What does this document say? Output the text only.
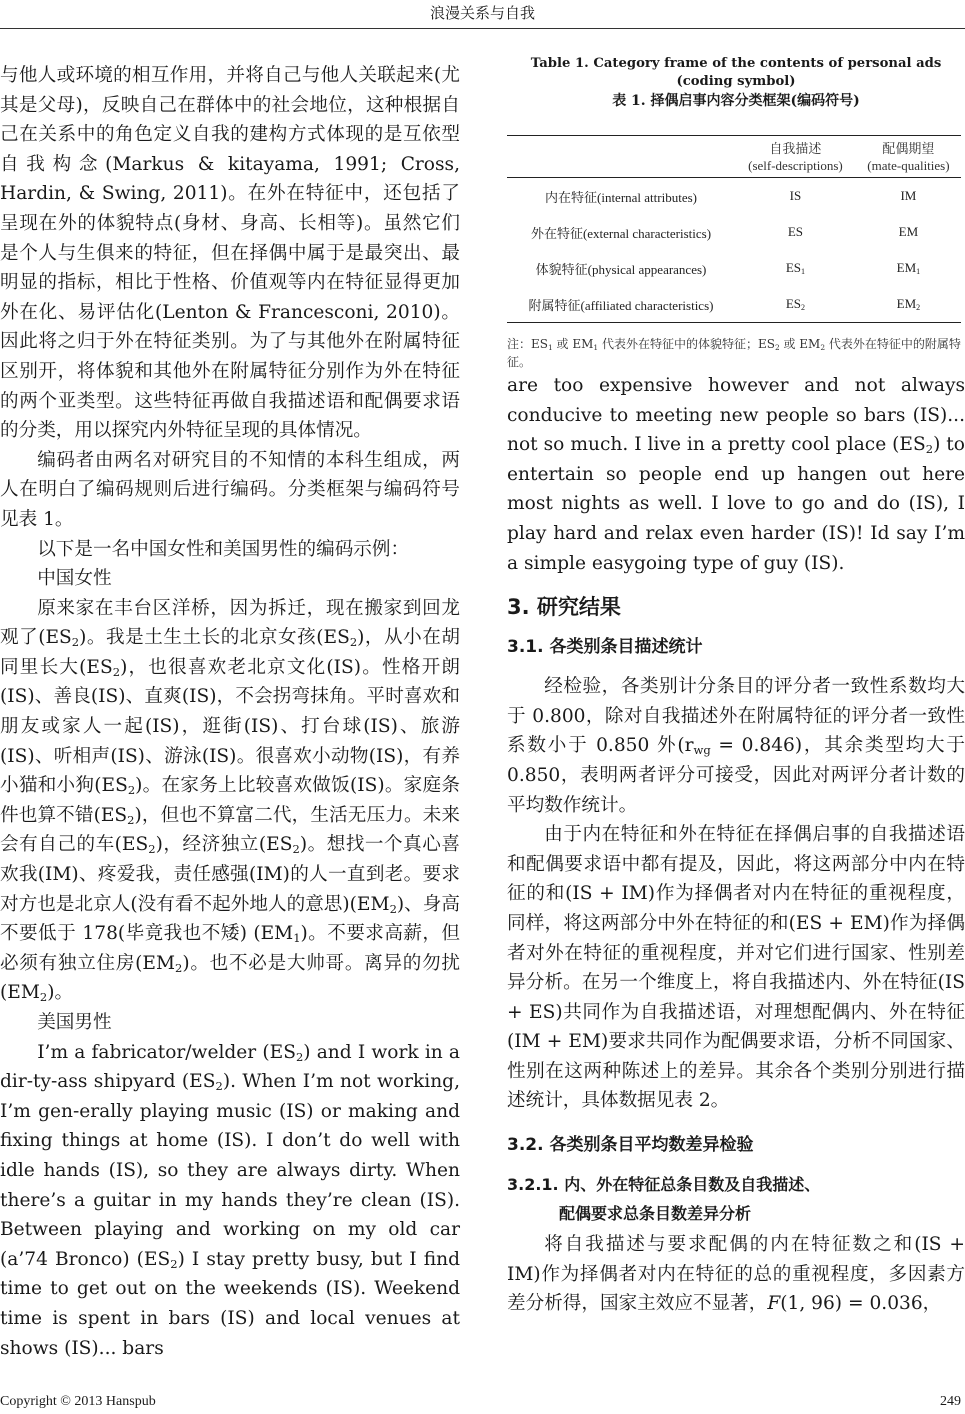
浪漫关系与自我

与他人或环境的相互作用，并将自己与他人关联起来(尤其是父母)，反映自己在群体中的社会地位，这种根据自己在关系中的角色定义自我的建构方式体现的是互依型自我构念(Markus & kitayama, 1991; Cross, Hardin, & Swing, 2011)。在外在特征中，还包括了呈现在外的体貌特点(身材、身高、长相等)。虽然它们是个人与生俱来的特征，但在择偶中属于是最突出、最明显的指标，相比于性格、价值观等内在特征显得更加外在化、易评估化(Lenton & Francesconi, 2010)。因此将之归于外在特征类别。为了与其他外在附属特征区别开，将体貌和其他外在附属特征分别作为外在特征的两个亚类型。这些特征再做自我描述语和配偶要求语的分类，用以探究内外特征呈现的具体情况。

编码者由两名对研究目的不知情的本科生组成，两人在明白了编码规则后进行编码。分类框架与编码符号见表 1。

以下是一名中国女性和美国男性的编码示例：

中国女性

原来家在丰台区洋桥，因为拆迁，现在搬家到回龙观了$(ES_2)$。我是土生土长的北京女孩$(ES_2)$，从小在胡同里长大$(ES_2)$，也很喜欢老北京文化(IS)。性格开朗(IS)、善良(IS)、直爽(IS)，不会拐弯抹角。平时喜欢和朋友或家人一起(IS)，逛街(IS)、打台球(IS)、旅游(IS)、听相声(IS)、游泳(IS)。很喜欢小动物(IS)，有养小猫和小狗$(ES_2)$。在家务上比较喜欢做饭(IS)。家庭条件也算不错$(ES_2)$，但也不算富二代，生活无压力。未来会有自己的车$(ES_2)$，经济独立$(ES_2)$。想找一个真心喜欢我(IM)、疼爱我，责任感强(IM)的人一直到老。要求对方也是北京人(没有看不起外地人的意思)$(EM_2)$、身高不要低于 178(毕竟我也不矮) $(EM_1)$。不要求高薪，但必须有独立住房$(EM_2)$。也不必是大帅哥。离异的勿扰$(EM_2)$。

美国男性

I’m a fabricator/welder $(ES_2)$ and I work in a dir-ty-ass shipyard $(ES_2)$. When I’m not working, I’m gen-erally playing music (IS) or making and fixing things at home (IS). I don’t do well with idle hands (IS), so they are always dirty. When there’s a guitar in my hands they’re clean (IS). Between playing and working on my old car (a’74 Bronco) $(ES_2)$ I stay pretty busy, but I find time to get out on the weekends (IS). Weekend time is spent in bars (IS) and local venues at shows (IS)... bars

Table 1. Category frame of the contents of personal ads (coding symbol)
表 1. 择偶启事内容分类框架(编码符号)
	自我描述
(self-descriptions)	配偶期望
(mate-qualities)
内在特征(internal attributes)	IS	IM
外在特征(external characteristics)	ES	EM
体貌特征(physical appearances)	$ES_1$	$EM_1$
附属特征(affiliated characteristics)	$ES_2$	$EM_2$
注：$ES_1$ 或 $EM_1$ 代表外在特征中的体貌特征；$ES_2$ 或 $EM_2$ 代表外在特征中的附属特征。

are too expensive however and not always conducive to meeting new people so bars (IS)... not so much. I live in a pretty cool place $(ES_2)$ to entertain so people end up hangen out here most nights as well. I love to go and do (IS), I play hard and relax even harder (IS)! Id say I’m a simple easygoing type of guy (IS).

3. 研究结果
3.1. 各类别条目描述统计

经检验，各类别计分条目的评分者一致性系数均大于 0.800，除对自我描述外在附属特征的评分者一致性系数小于 0.850 外$(r_{wg} = 0.846)$，其余类型均大于 0.850，表明两者评分可接受，因此对两评分者计数的平均数作统计。

由于内在特征和外在特征在择偶启事的自我描述语和配偶要求语中都有提及，因此，将这两部分中内在特征的和(IS + IM)作为择偶者对内在特征的重视程度，同样，将这两部分中外在特征的和(ES + EM)作为择偶者对外在特征的重视程度，并对它们进行国家、性别差异分析。在另一个维度上，将自我描述内、外在特征(IS + ES)共同作为自我描述语，对理想配偶内、外在特征(IM + EM)要求共同作为配偶要求语，分析不同国家、性别在这两种陈述上的差异。其余各个类别分别进行描述统计，具体数据见表 2。

3.2. 各类别条目平均数差异检验
3.2.1. 内、外在特征总条目数及自我描述、
配偶要求总条目数差异分析

将自我描述与要求配偶的内在特征数之和(IS + IM)作为择偶者对内在特征的总的重视程度，多因素方差分析得，国家主效应不显著，F(1, 96) = 0.036，

Copyright © 2013 Hanspub	249
